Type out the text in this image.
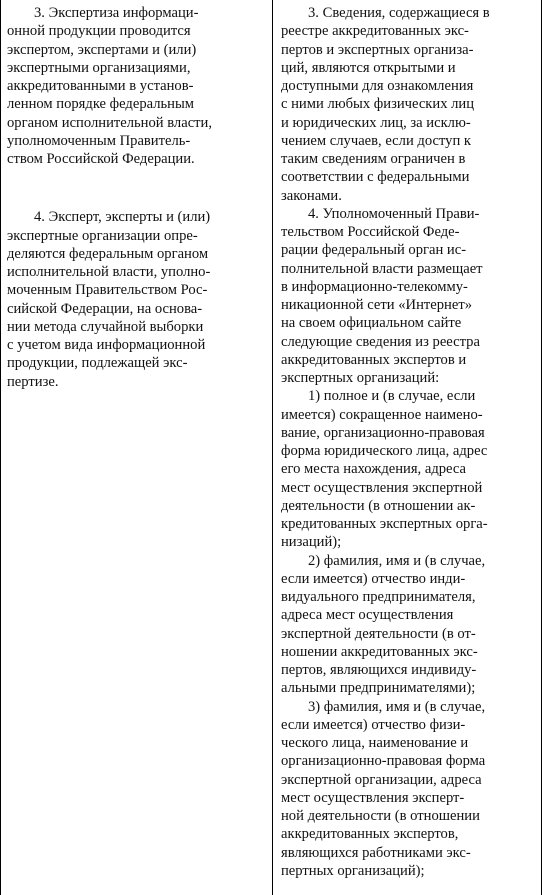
3. Экспертиза информаци-
онной продукции проводится
экспертом, экспертами и (или)
экспертными организациями,
аккредитованными в установ-
ленном порядке федеральным
органом исполнительной власти,
уполномоченным Правитель-
ством Российской Федерации.
4. Эксперт, эксперты и (или)
экспертные организации опре-
деляются федеральным органом
исполнительной власти, уполно-
моченным Правительством Рос-
сийской Федерации, на основа-
нии метода случайной выборки
с учетом вида информационной
продукции, подлежащей экс-
пертизе.
3. Сведения, содержащиеся в
реестре аккредитованных экс-
пертов и экспертных организа-
ций, являются открытыми и
доступными для ознакомления
с ними любых физических лиц
и юридических лиц, за исклю-
чением случаев, если доступ к
таким сведениям ограничен в
соответствии с федеральными
законами.
4. Уполномоченный Прави-
тельством Российской Феде-
рации федеральный орган ис-
полнительной власти размещает
в информационно-телекомму-
никационной сети «Интернет»
на своем официальном сайте
следующие сведения из реестра
аккредитованных экспертов и
экспертных организаций:
1) полное и (в случае, если
имеется) сокращенное наимено-
вание, организационно-правовая
форма юридического лица, адрес
его места нахождения, адреса
мест осуществления экспертной
деятельности (в отношении ак-
кредитованных экспертных орга-
низаций);
2) фамилия, имя и (в случае,
если имеется) отчество инди-
видуального предпринимателя,
адреса мест осуществления
экспертной деятельности (в от-
ношении аккредитованных экс-
пертов, являющихся индивиду-
альными предпринимателями);
3) фамилия, имя и (в случае,
если имеется) отчество физи-
ческого лица, наименование и
организационно-правовая форма
экспертной организации, адреса
мест осуществления эксперт-
ной деятельности (в отношении
аккредитованных экспертов,
являющихся работниками экс-
пертных организаций);
